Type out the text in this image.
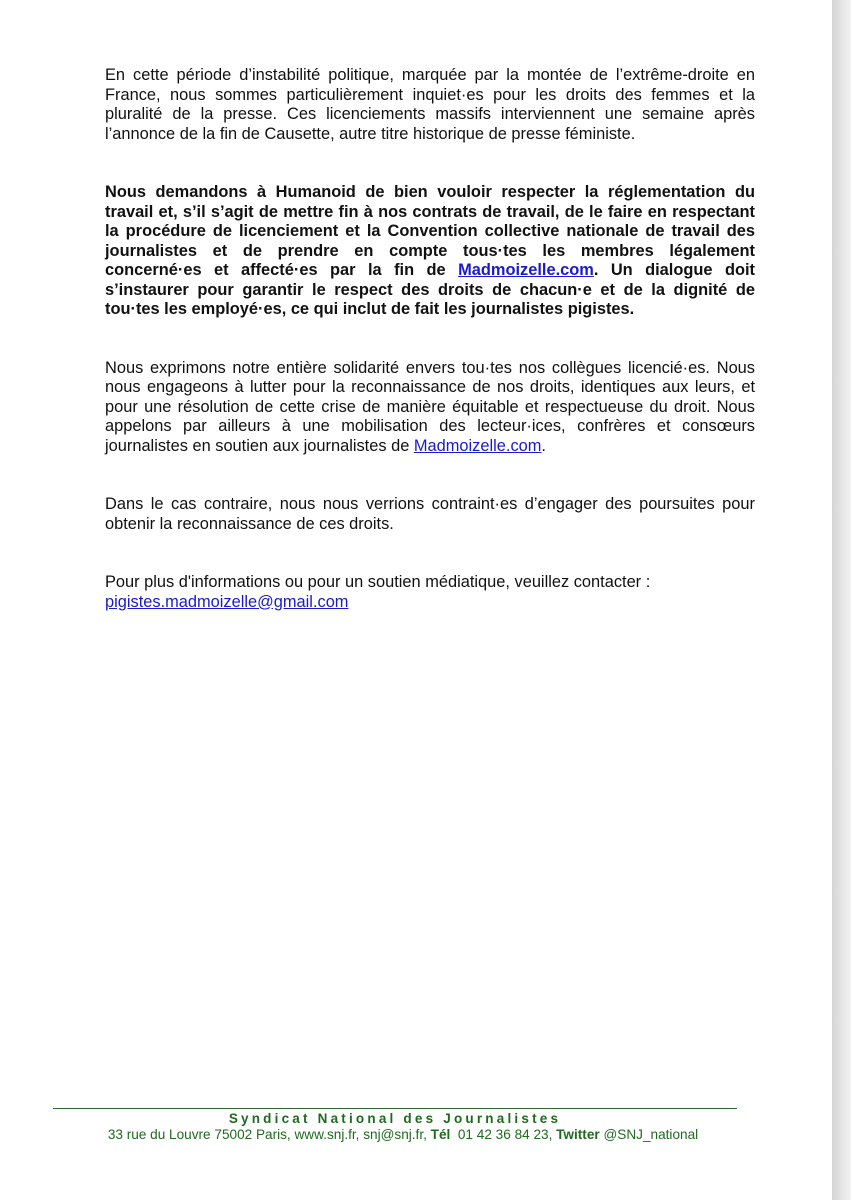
En cette période d’instabilité politique, marquée par la montée de l’extrême-droite en France, nous sommes particulièrement inquiet·es pour les droits des femmes et la pluralité de la presse. Ces licenciements massifs interviennent une semaine après l’annonce de la fin de Causette, autre titre historique de presse féministe.

Nous demandons à Humanoid de bien vouloir respecter la réglementation du travail et, s’il s’agit de mettre fin à nos contrats de travail, de le faire en respectant la procédure de licenciement et la Convention collective nationale de travail des journalistes et de prendre en compte tous·tes les membres légalement concerné·es et affecté·es par la fin de Madmoizelle.com. Un dialogue doit s’instaurer pour garantir le respect des droits de chacun·e et de la dignité de tou·tes les employé·es, ce qui inclut de fait les journalistes pigistes.

Nous exprimons notre entière solidarité envers tou·tes nos collègues licencié·es. Nous nous engageons à lutter pour la reconnaissance de nos droits, identiques aux leurs, et pour une résolution de cette crise de manière équitable et respectueuse du droit. Nous appelons par ailleurs à une mobilisation des lecteur·ices, confrères et consœurs journalistes en soutien aux journalistes de Madmoizelle.com.

Dans le cas contraire, nous nous verrions contraint·es d’engager des poursuites pour obtenir la reconnaissance de ces droits.

Pour plus d'informations ou pour un soutien médiatique, veuillez contacter :
pigistes.madmoizelle@gmail.com

Syndicat National des Journalistes
33 rue du Louvre 75002 Paris, www.snj.fr, snj@snj.fr, Tél 01 42 36 84 23, Twitter @SNJ_national
